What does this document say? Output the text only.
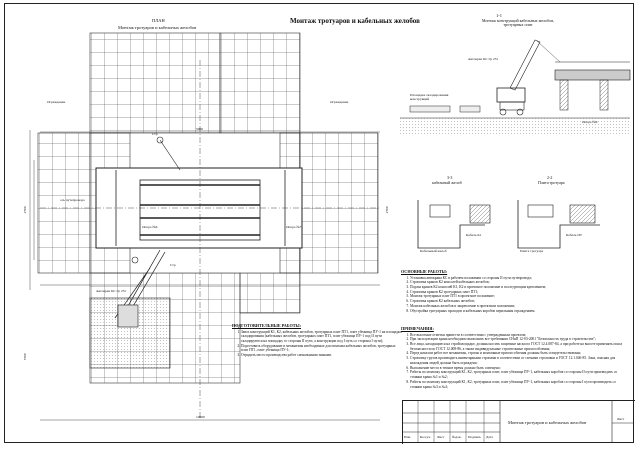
Монтаж тротуаров и кабельных желобов
ПЛАН
Монтаж тротуаров и кабельных желобов
1-1
Монтаж конструкций кабельных желобов, тротуарных плит
3-3
кабельный желоб
2-2
Плита тротуара
Опора №6	Опора №7
Автокран КС Гр 25т
Стр
Стр
ось путепровода
Ограждение	Ограждение
5000
2700
10600
5700
2700
Автокран КС Гр 25т
Площадка складирования конструкций
Опора №6
Кабельный желоб
Кабель К1
Плита тротуара
Кабель ПТ
ПОДГОТОВИТЕЛЬНЫЕ РАБОТЫ:
1. Завоз конструкций К1, К2, кабельных желобов, тротуарных плит ПТ1, плит убежища ПУ-1 на площадки складирования (кабельных желобов, тротуарных плит ПТ1, плит убежища ПУ-1 под II пути складируются на площадку со стороны II пути, а конструкции под I путь со стороны I пути);
2. Подготовить оборудование и механизмы необходимые для монтажа кабельных желобов, тротуарных плит ПТ1, плит убежища ПУ-1;
3. Отрядить место производства работ сигнальными знаками.
ОСНОВНЫЕ РАБОТЫ:
1. Установка автокрана КС в рабочем положении со стороны II пути путепровода;
2. Строповка кранов К2 консолей кабельных желобов;
3. Подача кранов К2 консолей К1, К2 в проектное положение и последующим креплением;
4. Строповка кранов К2 тротуарных плит ПТ1;
5. Монтаж тротуарных плит ПТ1 в проектное положение;
6. Строповка кранов К2 кабельных желобов;
7. Монтаж кабельных желобов и закрепление в проектном положении;
8. Обустройка тротуарных проходов и кабельных коробов перильным ограждением.
ПРИМЕЧАНИЯ:
1. Все высотные отметки привести в соответствии с утвержденным проектом;
2. При эксплуатации крана необходимо выполнять все требования СНиП 12-03-2001 "Безопасность труда в строительстве";
3. Все лица, находящиеся на стройплощадке, должны носить защитные каски по ГОСТ 12.4.087-84, а при работе на высоте применять пояса безопасности по ГОСТ 12.008-86, а также индивидуальные строительные приспособления;
4. Перед началом работ все механизмы, стропы и монтажные приспособления должны быть освидетельствованы;
5. Строповку грузов производить инвентарными стропами в соответствии со схемами строповки и ГОСТ 12.1.046-85. Зона, опасная для нахождения людей должна быть ограждена;
6. Выполнение места в темное время должно быть освещено;
7. Работы по монтажу конструкций К1, К2, тротуарных плит, плит убежища ПУ-1, кабельных коробов со стороны II пути производить со стоянки крана №1 и №2;
8. Работы по монтажу конструкций К1, К2, тротуарных плит, плит убежища ПУ-1, кабельных коробов со стороны I пути производить со стоянки крана №3 и №4;
Изм.	Кол.уч. Лист №док. Подпись Дата
Монтаж тротуаров и кабельных желобов
Лист
